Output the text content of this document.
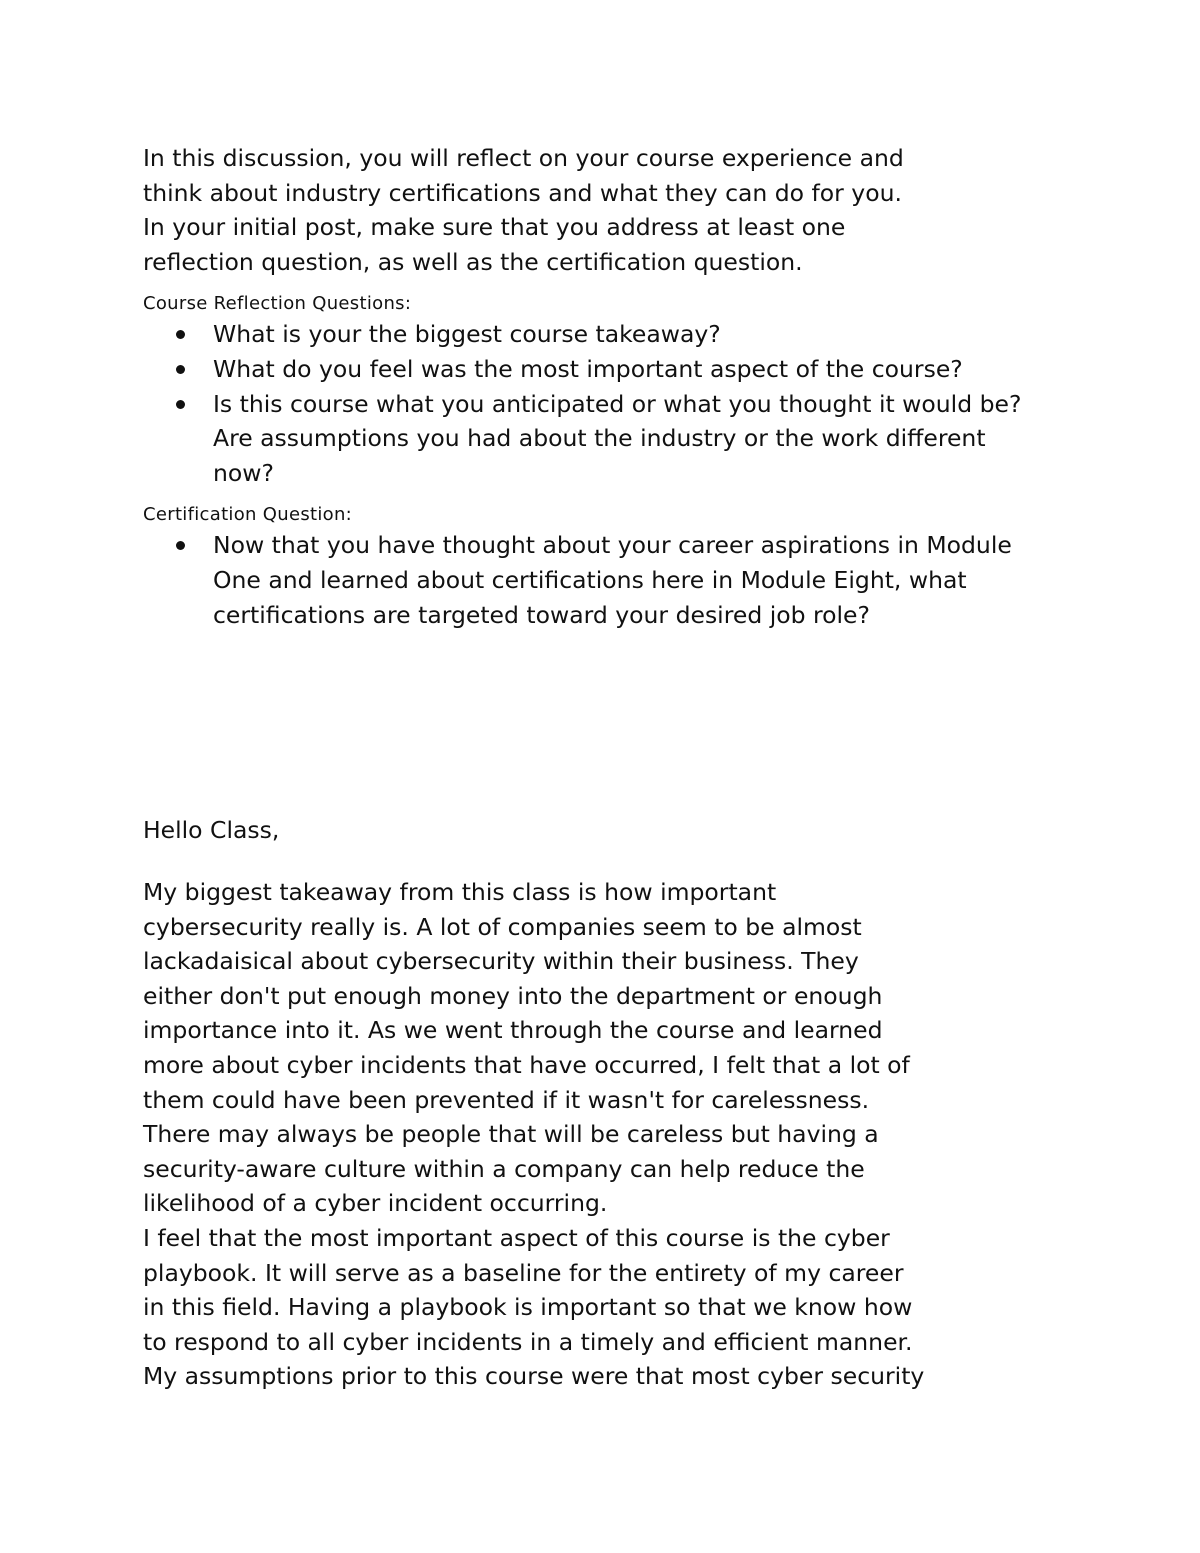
In this discussion, you will reflect on your course experience and
think about industry certifications and what they can do for you.
In your initial post, make sure that you address at least one
reflection question, as well as the certification question.

Course Reflection Questions:
What is your the biggest course takeaway?
What do you feel was the most important aspect of the course?
Is this course what you anticipated or what you thought it would be? Are assumptions you had about the industry or the work different now?
Certification Question:
Now that you have thought about your career aspirations in Module One and learned about certifications here in Module Eight, what certifications are targeted toward your desired job role?

Hello Class,

My biggest takeaway from this class is how important
cybersecurity really is. A lot of companies seem to be almost
lackadaisical about cybersecurity within their business. They
either don't put enough money into the department or enough
importance into it. As we went through the course and learned
more about cyber incidents that have occurred, I felt that a lot of
them could have been prevented if it wasn't for carelessness.
There may always be people that will be careless but having a
security-aware culture within a company can help reduce the
likelihood of a cyber incident occurring.
I feel that the most important aspect of this course is the cyber
playbook. It will serve as a baseline for the entirety of my career
in this field. Having a playbook is important so that we know how
to respond to all cyber incidents in a timely and efficient manner.
My assumptions prior to this course were that most cyber security
